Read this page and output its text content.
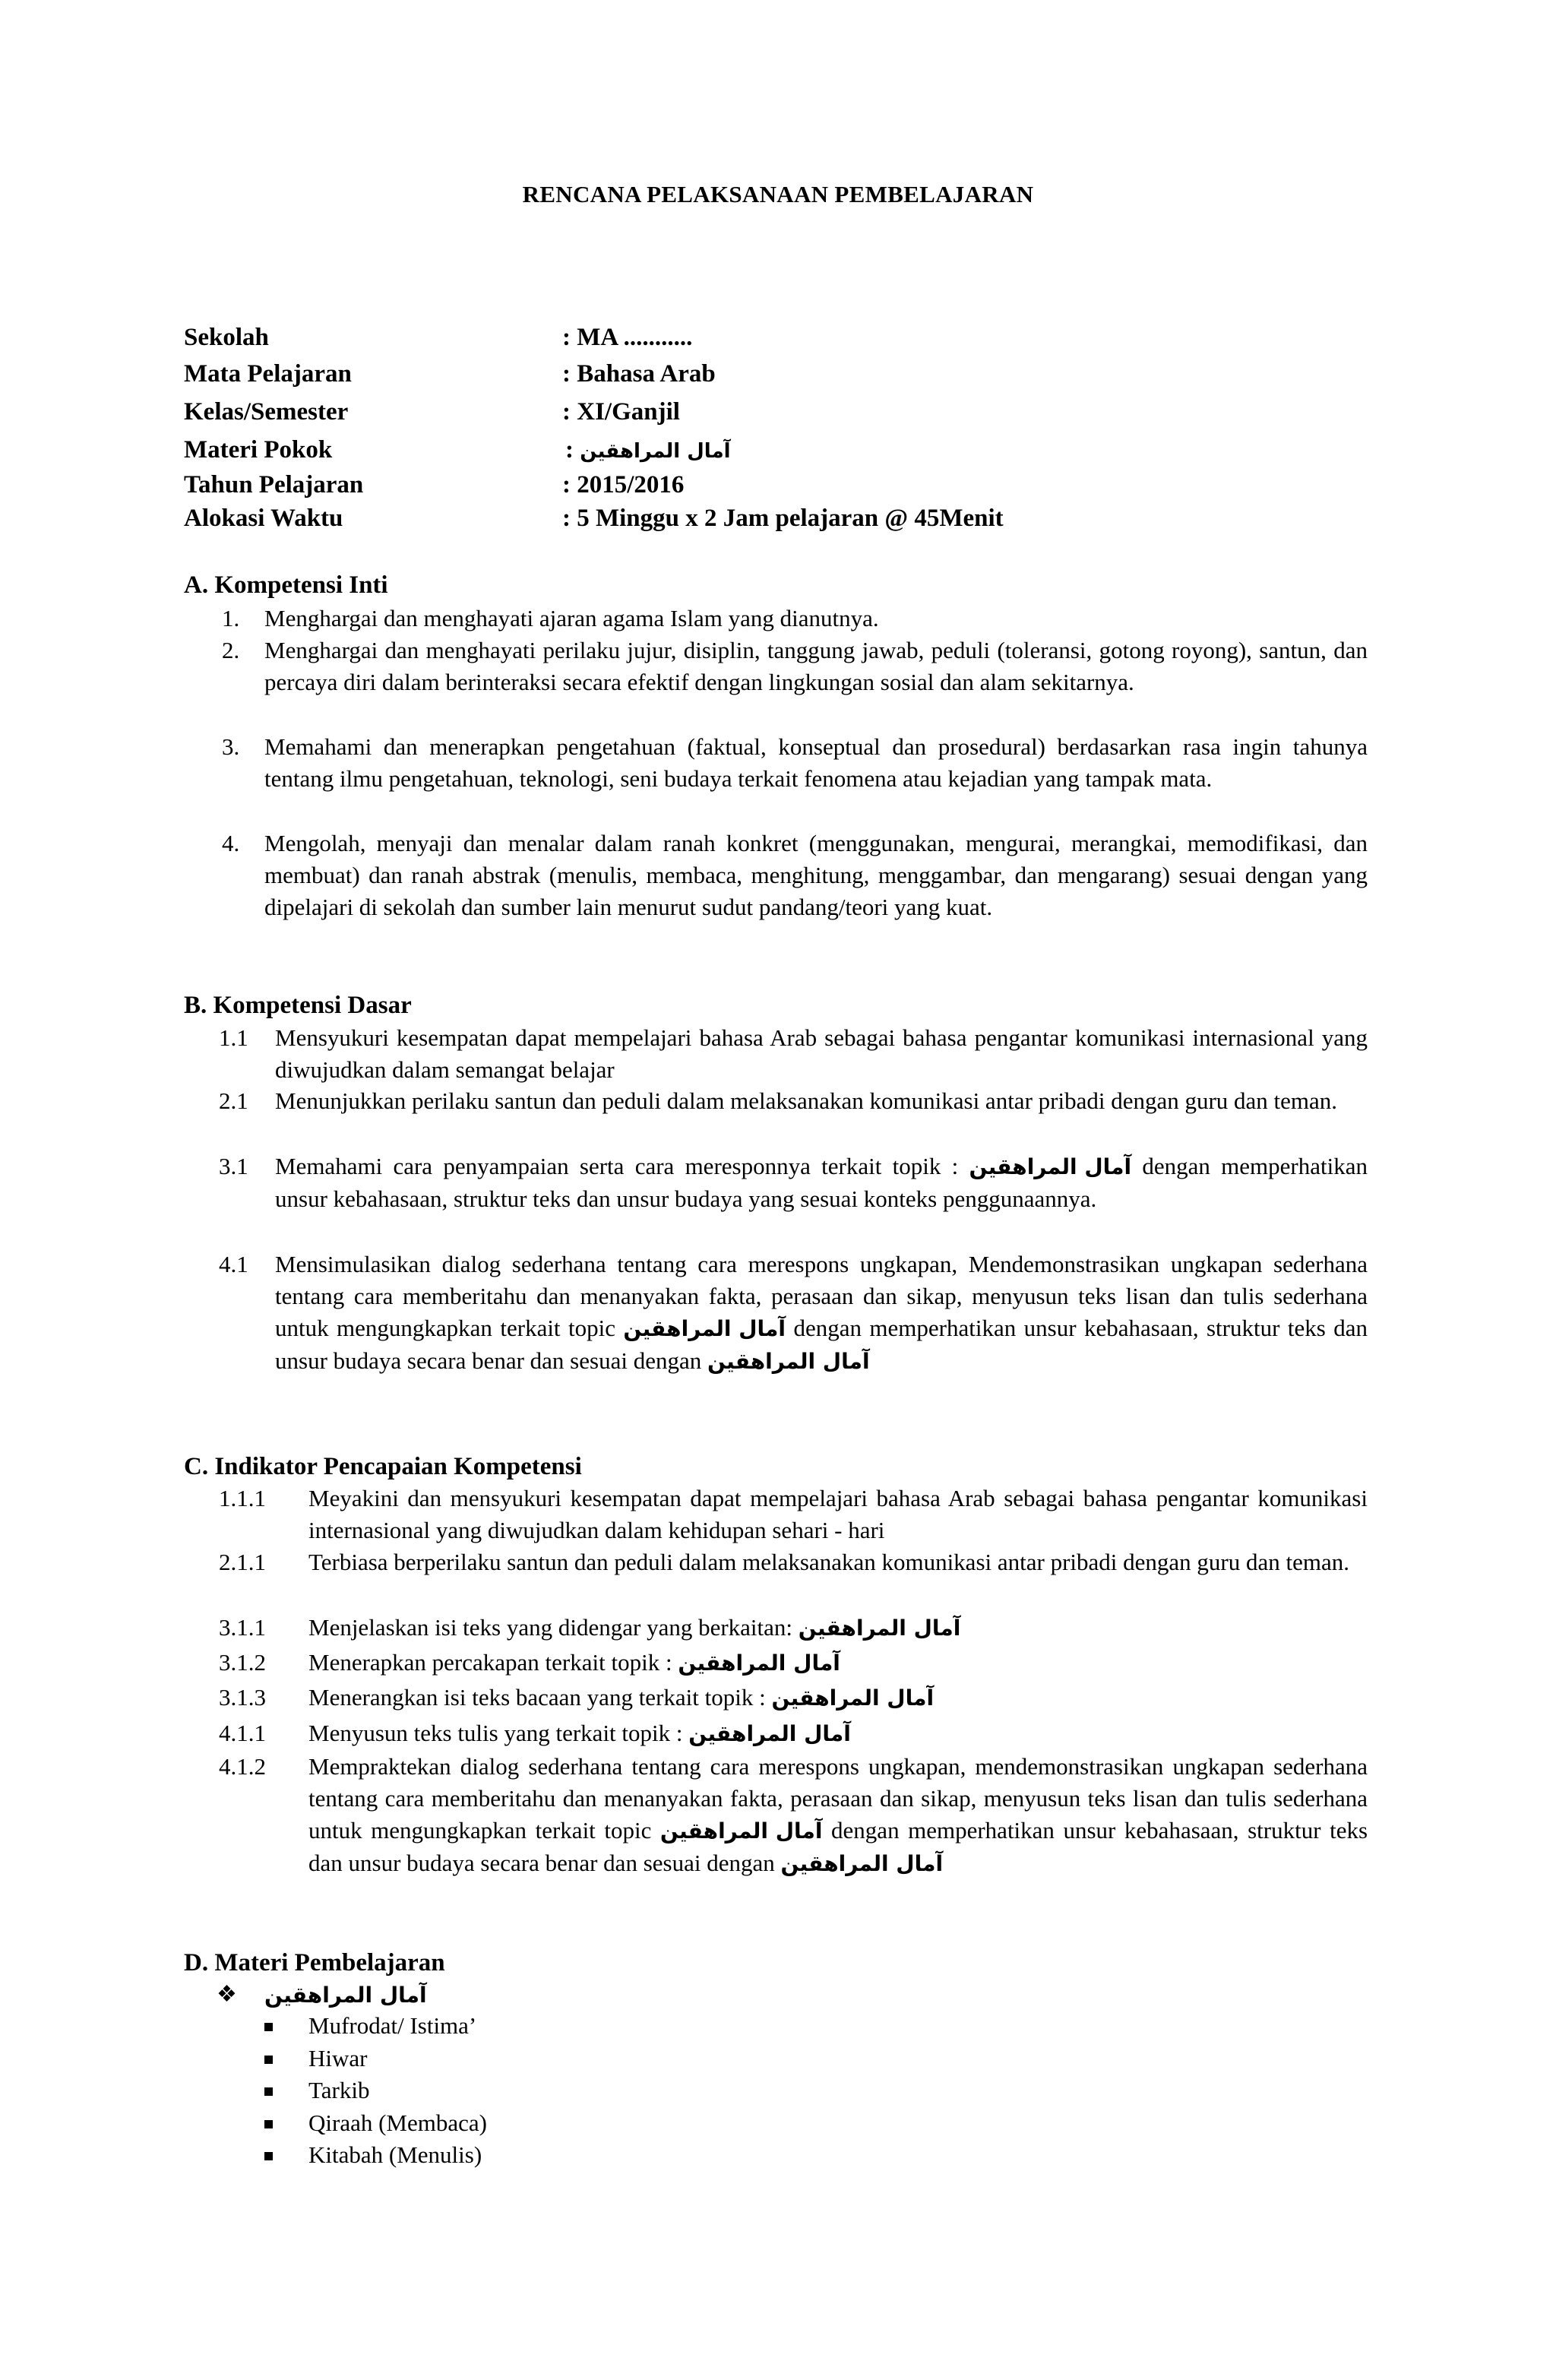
RENCANA PELAKSANAAN PEMBELAJARAN
Sekolah	: MA ...........
Mata Pelajaran	: Bahasa Arab
Kelas/Semester	: XI/Ganjil
Materi Pokok	: آمال المراهقين
Tahun Pelajaran	: 2015/2016
Alokasi Waktu	: 5 Minggu x 2 Jam pelajaran @ 45Menit
A. Kompetensi Inti
1. Menghargai dan menghayati ajaran agama Islam yang dianutnya.
2. Menghargai dan menghayati perilaku jujur, disiplin, tanggung jawab, peduli (toleransi, gotong royong), santun, dan percaya diri dalam berinteraksi secara efektif dengan lingkungan sosial dan alam sekitarnya.
3. Memahami dan menerapkan pengetahuan (faktual, konseptual dan prosedural) berdasarkan rasa ingin tahunya tentang ilmu pengetahuan, teknologi, seni budaya terkait fenomena atau kejadian yang tampak mata.
4. Mengolah, menyaji dan menalar dalam ranah konkret (menggunakan, mengurai, merangkai, memodifikasi, dan membuat) dan ranah abstrak (menulis, membaca, menghitung, menggambar, dan mengarang) sesuai dengan yang dipelajari di sekolah dan sumber lain menurut sudut pandang/teori yang kuat.
B. Kompetensi Dasar
1.1 Mensyukuri kesempatan dapat mempelajari bahasa Arab sebagai bahasa pengantar komunikasi internasional yang diwujudkan dalam semangat belajar
2.1 Menunjukkan perilaku santun dan peduli dalam melaksanakan komunikasi antar pribadi dengan guru dan teman.
3.1 Memahami cara penyampaian serta cara meresponnya terkait topik : آمال المراهقين dengan memperhatikan unsur kebahasaan, struktur teks dan unsur budaya yang sesuai konteks penggunaannya.
4.1 Mensimulasikan dialog sederhana tentang cara merespons ungkapan, Mendemonstrasikan ungkapan sederhana tentang cara memberitahu dan menanyakan fakta, perasaan dan sikap, menyusun teks lisan dan tulis sederhana untuk mengungkapkan terkait topic آمال المراهقين dengan memperhatikan unsur kebahasaan, struktur teks dan unsur budaya secara benar dan sesuai dengan آمال المراهقين
C. Indikator Pencapaian Kompetensi
1.1.1 Meyakini dan mensyukuri kesempatan dapat mempelajari bahasa Arab sebagai bahasa pengantar komunikasi internasional yang diwujudkan dalam kehidupan sehari - hari
2.1.1 Terbiasa berperilaku santun dan peduli dalam melaksanakan komunikasi antar pribadi dengan guru dan teman.
3.1.1 Menjelaskan isi teks yang didengar yang berkaitan: آمال المراهقين
3.1.2 Menerapkan percakapan terkait topik : آمال المراهقين
3.1.3 Menerangkan isi teks bacaan yang terkait topik : آمال المراهقين
4.1.1 Menyusun teks tulis yang terkait topik : آمال المراهقين
4.1.2 Mempraktekan dialog sederhana tentang cara merespons ungkapan, mendemonstrasikan ungkapan sederhana tentang cara memberitahu dan menanyakan fakta, perasaan dan sikap, menyusun teks lisan dan tulis sederhana untuk mengungkapkan terkait topic آمال المراهقين dengan memperhatikan unsur kebahasaan, struktur teks dan unsur budaya secara benar dan sesuai dengan آمال المراهقين
D. Materi Pembelajaran
❖ آمال المراهقين
Mufrodat/ Istima’
Hiwar
Tarkib
Qiraah (Membaca)
Kitabah (Menulis)
